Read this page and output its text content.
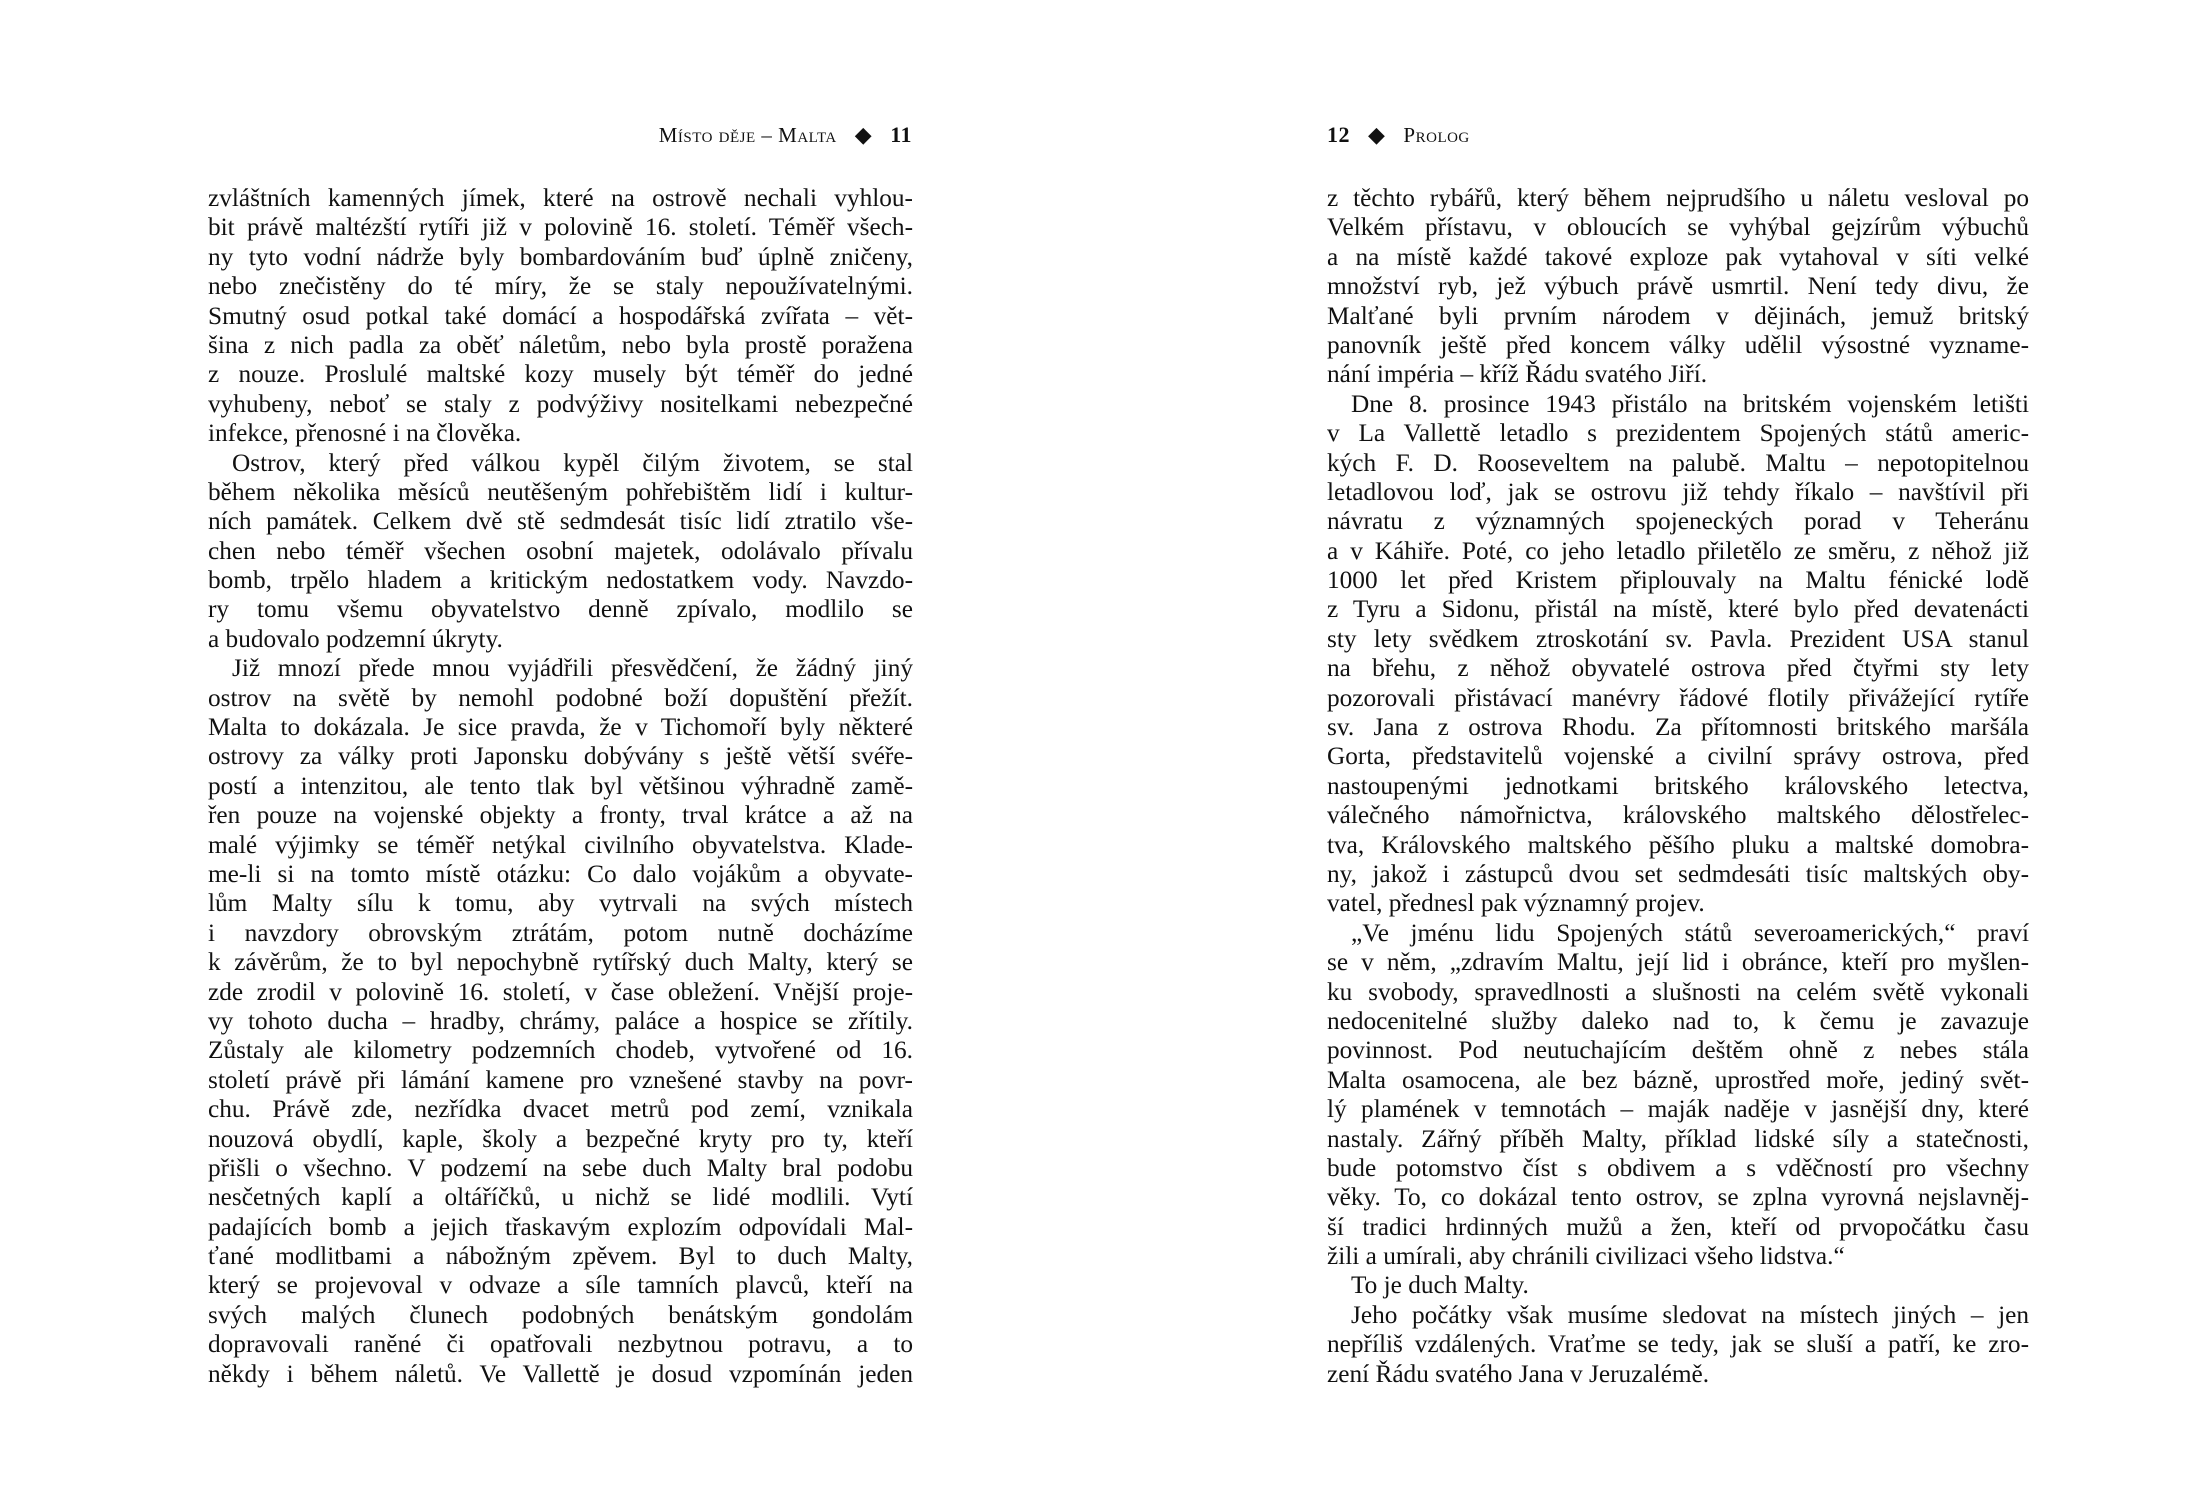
Místo děje – Malta ◆ 11
zvláštních kamenných jímek, které na ostrově nechali vyhlou-
bit právě maltézští rytíři již v polovině 16. století. Téměř všech-
ny tyto vodní nádrže byly bombardováním buď úplně zničeny,
nebo znečistěny do té míry, že se staly nepoužívatelnými.
Smutný osud potkal také domácí a hospodářská zvířata – vět-
šina z nich padla za oběť náletům, nebo byla prostě poražena
z nouze. Proslulé maltské kozy musely být téměř do jedné
vyhubeny, neboť se staly z podvýživy nositelkami nebezpečné
infekce, přenosné i na člověka.
Ostrov, který před válkou kypěl čilým životem, se stal
během několika měsíců neutěšeným pohřebištěm lidí i kultur-
ních památek. Celkem dvě stě sedmdesát tisíc lidí ztratilo vše-
chen nebo téměř všechen osobní majetek, odolávalo přívalu
bomb, trpělo hladem a kritickým nedostatkem vody. Navzdo-
ry tomu všemu obyvatelstvo denně zpívalo, modlilo se
a budovalo podzemní úkryty.
Již mnozí přede mnou vyjádřili přesvědčení, že žádný jiný
ostrov na světě by nemohl podobné boží dopuštění přežít.
Malta to dokázala. Je sice pravda, že v Tichomoří byly některé
ostrovy za války proti Japonsku dobývány s ještě větší svéře-
postí a intenzitou, ale tento tlak byl většinou výhradně zamě-
řen pouze na vojenské objekty a fronty, trval krátce a až na
malé výjimky se téměř netýkal civilního obyvatelstva. Klade-
me-li si na tomto místě otázku: Co dalo vojákům a obyvate-
lům Malty sílu k tomu, aby vytrvali na svých místech
i navzdory obrovským ztrátám, potom nutně docházíme
k závěrům, že to byl nepochybně rytířský duch Malty, který se
zde zrodil v polovině 16. století, v čase obležení. Vnější proje-
vy tohoto ducha – hradby, chrámy, paláce a hospice se zřítily.
Zůstaly ale kilometry podzemních chodeb, vytvořené od 16.
století právě při lámání kamene pro vznešené stavby na povr-
chu. Právě zde, nezřídka dvacet metrů pod zemí, vznikala
nouzová obydlí, kaple, školy a bezpečné kryty pro ty, kteří
přišli o všechno. V podzemí na sebe duch Malty bral podobu
nesčetných kaplí a oltáříčků, u nichž se lidé modlili. Vytí
padajících bomb a jejich třaskavým explozím odpovídali Mal-
ťané modlitbami a nábožným zpěvem. Byl to duch Malty,
který se projevoval v odvaze a síle tamních plavců, kteří na
svých malých člunech podobných benátským gondolám
dopravovali raněné či opatřovali nezbytnou potravu, a to
někdy i během náletů. Ve Vallettě je dosud vzpomínán jeden
12 ◆ Prolog
z těchto rybářů, který během nejprudšího u náletu vesloval po
Velkém přístavu, v obloucích se vyhýbal gejzírům výbuchů
a na místě každé takové exploze pak vytahoval v síti velké
množství ryb, jež výbuch právě usmrtil. Není tedy divu, že
Malťané byli prvním národem v dějinách, jemuž britský
panovník ještě před koncem války udělil výsostné vyzname-
nání impéria – kříž Řádu svatého Jiří.
Dne 8. prosince 1943 přistálo na britském vojenském letišti
v La Vallettě letadlo s prezidentem Spojených států americ-
kých F. D. Rooseveltem na palubě. Maltu – nepotopitelnou
letadlovou loď, jak se ostrovu již tehdy říkalo – navštívil při
návratu z významných spojeneckých porad v Teheránu
a v Káhiře. Poté, co jeho letadlo přiletělo ze směru, z něhož již
1000 let před Kristem připlouvaly na Maltu fénické lodě
z Tyru a Sidonu, přistál na místě, které bylo před devatenácti
sty lety svědkem ztroskotání sv. Pavla. Prezident USA stanul
na břehu, z něhož obyvatelé ostrova před čtyřmi sty lety
pozorovali přistávací manévry řádové flotily přivážející rytíře
sv. Jana z ostrova Rhodu. Za přítomnosti britského maršála
Gorta, představitelů vojenské a civilní správy ostrova, před
nastoupenými jednotkami britského královského letectva,
válečného námořnictva, královského maltského dělostřelec-
tva, Královského maltského pěšího pluku a maltské domobra-
ny, jakož i zástupců dvou set sedmdesáti tisíc maltských oby-
vatel, přednesl pak významný projev.
„Ve jménu lidu Spojených států severoamerických,“ praví
se v něm, „zdravím Maltu, její lid i obránce, kteří pro myšlen-
ku svobody, spravedlnosti a slušnosti na celém světě vykonali
nedocenitelné služby daleko nad to, k čemu je zavazuje
povinnost. Pod neutuchajícím deštěm ohně z nebes stála
Malta osamocena, ale bez bázně, uprostřed moře, jediný svět-
lý plamének v temnotách – maják naděje v jasnější dny, které
nastaly. Zářný příběh Malty, příklad lidské síly a statečnosti,
bude potomstvo číst s obdivem a s vděčností pro všechny
věky. To, co dokázal tento ostrov, se zplna vyrovná nejslavněj-
ší tradici hrdinných mužů a žen, kteří od prvopočátku času
žili a umírali, aby chránili civilizaci všeho lidstva.“
To je duch Malty.
Jeho počátky však musíme sledovat na místech jiných – jen
nepříliš vzdálených. Vraťme se tedy, jak se sluší a patří, ke zro-
zení Řádu svatého Jana v Jeruzalémě.
